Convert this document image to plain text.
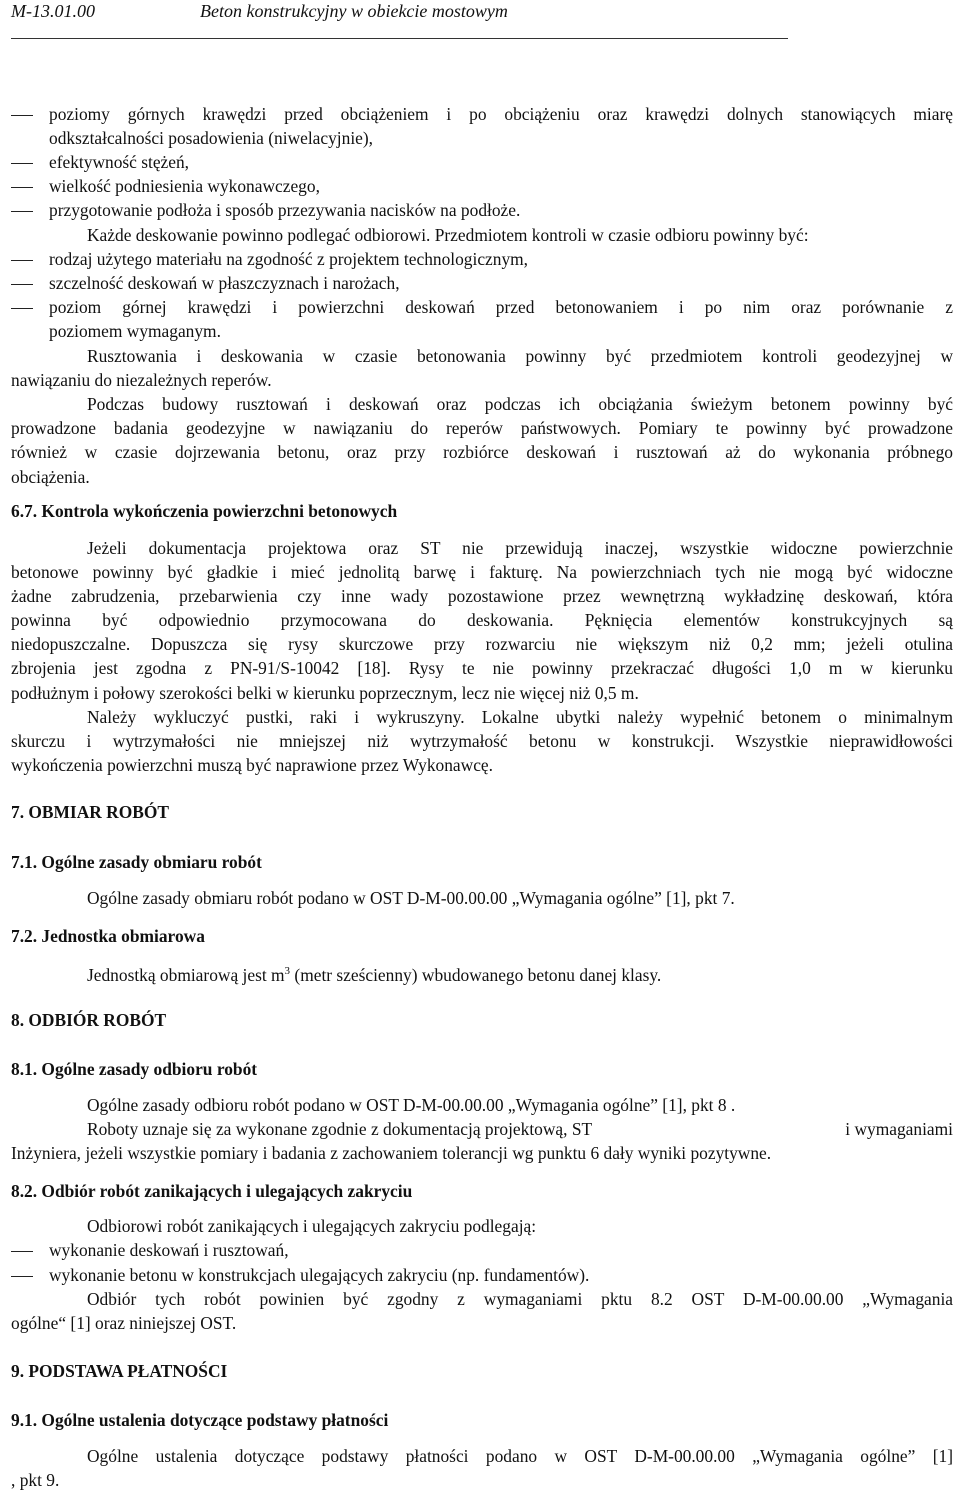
M-13.01.00	Beton konstrukcyjny w obiekcie mostowym
poziomy górnych krawędzi przed obciążeniem i po obciążeniu oraz krawędzi dolnych stanowiących miarę
odkształcalności posadowienia (niwelacyjnie),
efektywność stężeń,
wielkość podniesienia wykonawczego,
przygotowanie podłoża i sposób przezywania nacisków na podłoże.
Każde deskowanie powinno podlegać odbiorowi. Przedmiotem kontroli w czasie odbioru powinny być:
rodzaj użytego materiału na zgodność z projektem technologicznym,
szczelność deskowań w płaszczyznach i narożach,
poziom górnej krawędzi i powierzchni deskowań przed betonowaniem i po nim oraz porównanie z
poziomem wymaganym.
Rusztowania i deskowania w czasie betonowania powinny być przedmiotem kontroli geodezyjnej w
nawiązaniu do niezależnych reperów.
Podczas budowy rusztowań i deskowań oraz podczas ich obciążania świeżym betonem powinny być
prowadzone badania geodezyjne w nawiązaniu do reperów państwowych. Pomiary te powinny być prowadzone
również w czasie dojrzewania betonu, oraz przy rozbiórce deskowań i rusztowań aż do wykonania próbnego
obciążenia.
6.7. Kontrola wykończenia powierzchni betonowych
Jeżeli dokumentacja projektowa oraz ST nie przewidują inaczej, wszystkie widoczne powierzchnie
betonowe powinny być gładkie i mieć jednolitą barwę i fakturę. Na powierzchniach tych nie mogą być widoczne
żadne zabrudzenia, przebarwienia czy inne wady pozostawione przez wewnętrzną wykładzinę deskowań, która
powinna być odpowiednio przymocowana do deskowania. Pęknięcia elementów konstrukcyjnych są
niedopuszczalne. Dopuszcza się rysy skurczowe przy rozwarciu nie większym niż 0,2 mm; jeżeli otulina
zbrojenia jest zgodna z PN-91/S-10042 [18]. Rysy te nie powinny przekraczać długości 1,0 m w kierunku
podłużnym i połowy szerokości belki w kierunku poprzecznym, lecz nie więcej niż 0,5 m.
Należy wykluczyć pustki, raki i wykruszyny. Lokalne ubytki należy wypełnić betonem o minimalnym
skurczu i wytrzymałości nie mniejszej niż wytrzymałość betonu w konstrukcji. Wszystkie nieprawidłowości
wykończenia powierzchni muszą być naprawione przez Wykonawcę.
7. OBMIAR ROBÓT
7.1. Ogólne zasady obmiaru robót
Ogólne zasady obmiaru robót podano w OST D-M-00.00.00 „Wymagania ogólne” [1], pkt 7.
7.2. Jednostka obmiarowa
Jednostką obmiarową jest $m^3$ (metr sześcienny) wbudowanego betonu danej klasy.
8. ODBIÓR ROBÓT
8.1. Ogólne zasady odbioru robót
Ogólne zasady odbioru robót podano w OST D-M-00.00.00 „Wymagania ogólne” [1], pkt 8 .
Roboty uznaje się za wykonane zgodnie z dokumentacją projektową, ST	i wymaganiami
Inżyniera, jeżeli wszystkie pomiary i badania z zachowaniem tolerancji wg punktu 6 dały wyniki pozytywne.
8.2. Odbiór robót zanikających i ulegających zakryciu
Odbiorowi robót zanikających i ulegających zakryciu podlegają:
wykonanie deskowań i rusztowań,
wykonanie betonu w konstrukcjach ulegających zakryciu (np. fundamentów).
Odbiór tych robót powinien być zgodny z wymaganiami pktu 8.2 OST D-M-00.00.00 „Wymagania
ogólne“ [1] oraz niniejszej OST.
9. PODSTAWA PŁATNOŚCI
9.1. Ogólne ustalenia dotyczące podstawy płatności
Ogólne ustalenia dotyczące podstawy płatności podano w OST D-M-00.00.00 „Wymagania ogólne” [1]
, pkt 9.
